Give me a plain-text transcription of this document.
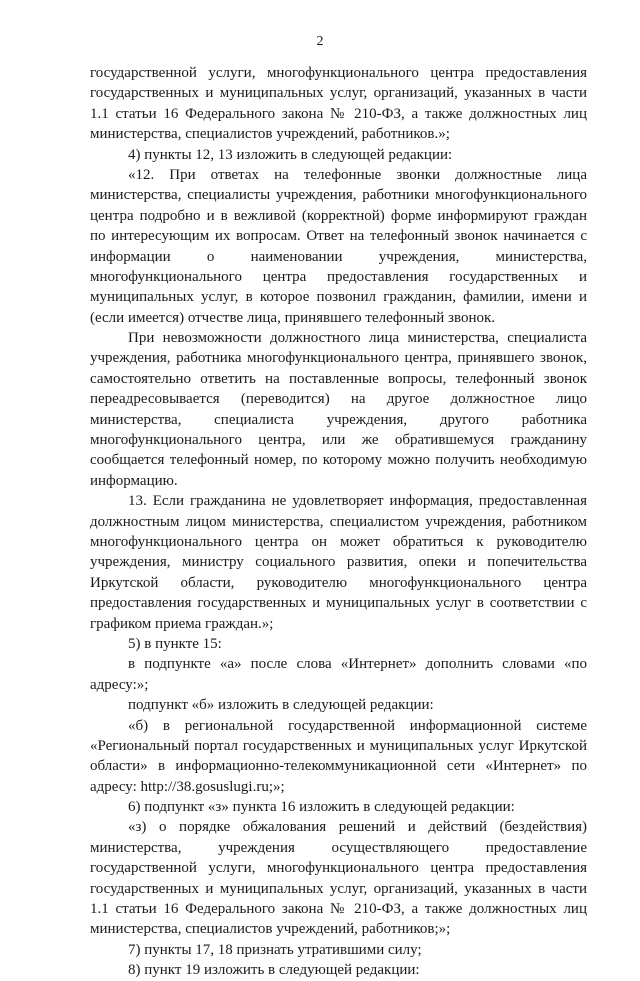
2
государственной услуги, многофункционального центра предоставления
государственных и муниципальных услуг, организаций, указанных в части
1.1 статьи 16 Федерального закона № 210-ФЗ, а также должностных лиц
министерства, специалистов учреждений, работников.»;
4) пункты 12, 13 изложить в следующей редакции:
«12. При ответах на телефонные звонки должностные лица
министерства, специалисты учреждения, работники многофункционального
центра подробно и в вежливой (корректной) форме информируют граждан
по интересующим их вопросам. Ответ на телефонный звонок начинается с
информации о наименовании учреждения, министерства,
многофункционального центра предоставления государственных и
муниципальных услуг, в которое позвонил гражданин, фамилии, имени и
(если имеется) отчестве лица, принявшего телефонный звонок.
При невозможности должностного лица министерства, специалиста
учреждения, работника многофункционального центра, принявшего звонок,
самостоятельно ответить на поставленные вопросы, телефонный звонок
переадресовывается (переводится) на другое должностное лицо
министерства, специалиста учреждения, другого работника
многофункционального центра, или же обратившемуся гражданину
сообщается телефонный номер, по которому можно получить необходимую
информацию.
13. Если гражданина не удовлетворяет информация, предоставленная
должностным лицом министерства, специалистом учреждения, работником
многофункционального центра он может обратиться к руководителю
учреждения, министру социального развития, опеки и попечительства
Иркутской области, руководителю многофункционального центра
предоставления государственных и муниципальных услуг в соответствии с
графиком приема граждан.»;
5) в пункте 15:
в подпункте «а» после слова «Интернет» дополнить словами «по
адресу:»;
подпункт «б» изложить в следующей редакции:
«б) в региональной государственной информационной системе
«Региональный портал государственных и муниципальных услуг Иркутской
области» в информационно-телекоммуникационной сети «Интернет» по
адресу: http://38.gosuslugi.ru;»;
6) подпункт «з» пункта 16 изложить в следующей редакции:
«з) о порядке обжалования решений и действий (бездействия)
министерства, учреждения осуществляющего предоставление
государственной услуги, многофункционального центра предоставления
государственных и муниципальных услуг, организаций, указанных в части
1.1 статьи 16 Федерального закона № 210-ФЗ, а также должностных лиц
министерства, специалистов учреждений, работников;»;
7) пункты 17, 18 признать утратившими силу;
8) пункт 19 изложить в следующей редакции:
